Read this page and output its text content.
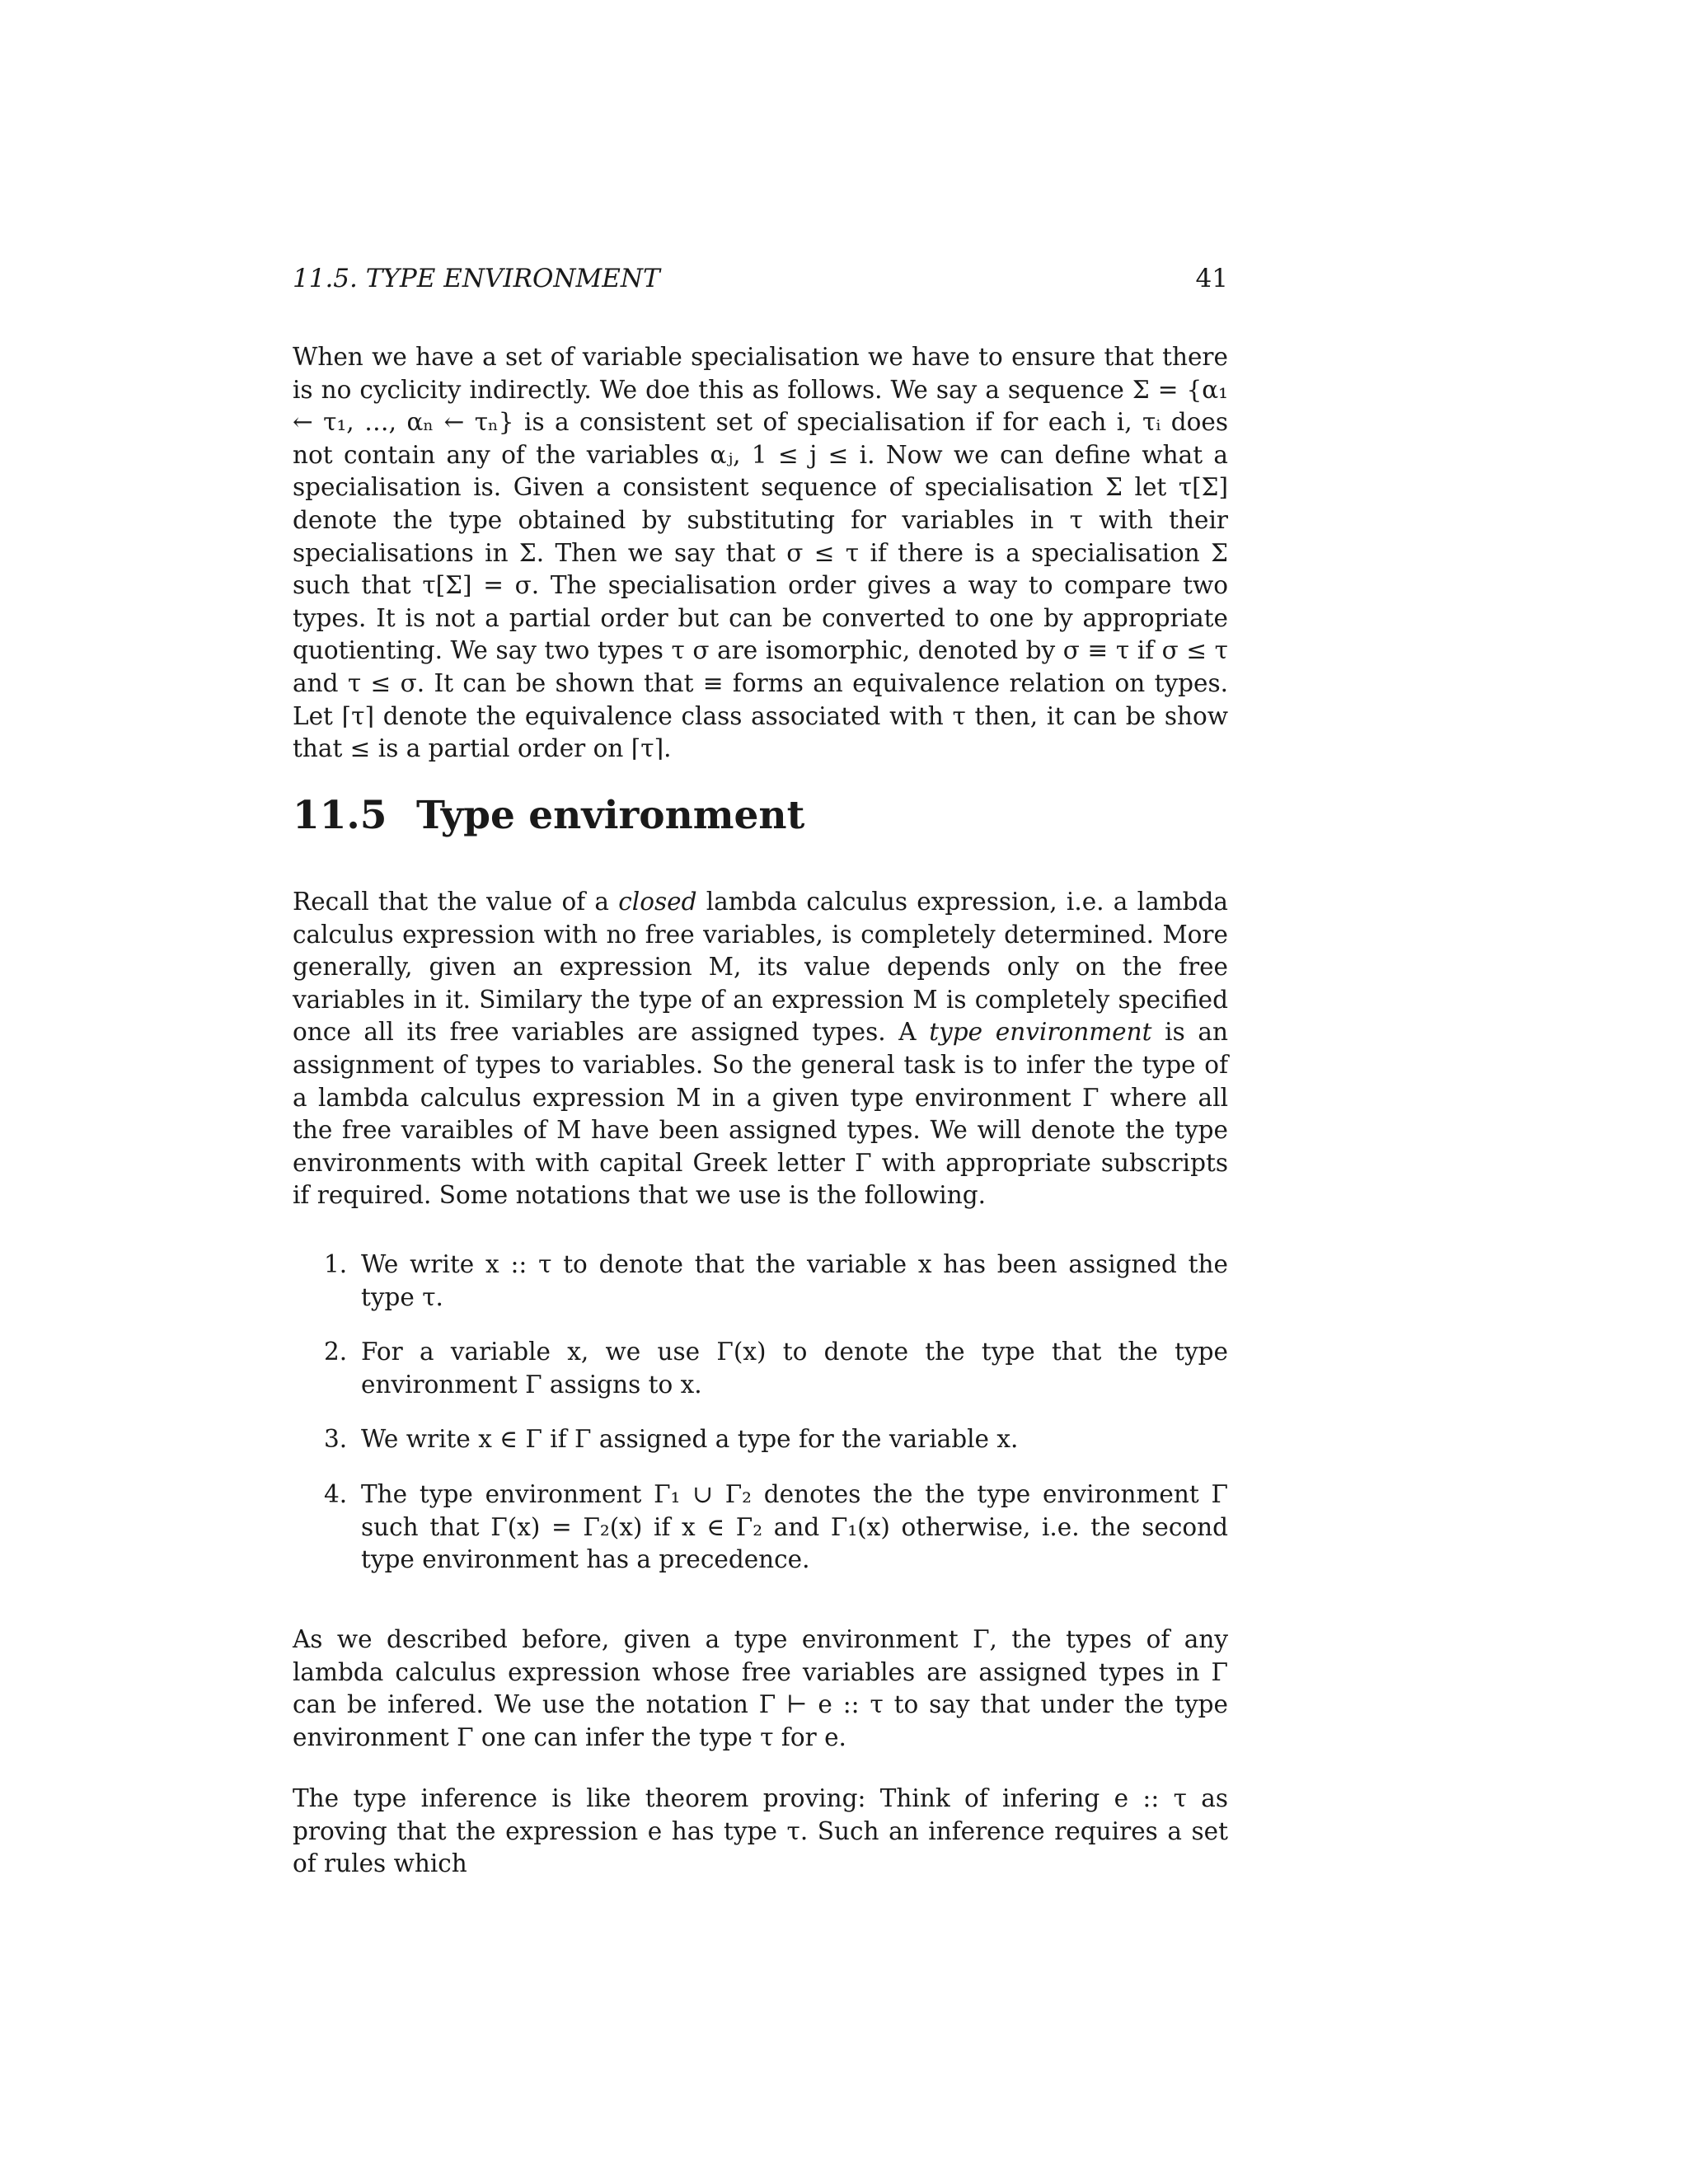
11.5. TYPE ENVIRONMENT	41

When we have a set of variable specialisation we have to ensure that there is no cyclicity indirectly. We doe this as follows. We say a sequence Σ = {α₁ ← τ₁, …, αₙ ← τₙ} is a consistent set of specialisation if for each i, τᵢ does not contain any of the variables αⱼ, 1 ≤ j ≤ i. Now we can define what a specialisation is. Given a consistent sequence of specialisation Σ let τ[Σ] denote the type obtained by substituting for variables in τ with their specialisations in Σ. Then we say that σ ≤ τ if there is a specialisation Σ such that τ[Σ] = σ. The specialisation order gives a way to compare two types. It is not a partial order but can be converted to one by appropriate quotienting. We say two types τ σ are isomorphic, denoted by σ ≡ τ if σ ≤ τ and τ ≤ σ. It can be shown that ≡ forms an equivalence relation on types. Let ⌈τ⌉ denote the equivalence class associated with τ then, it can be show that ≤ is a partial order on ⌈τ⌉.

11.5 Type environment

Recall that the value of a closed lambda calculus expression, i.e. a lambda calculus expression with no free variables, is completely determined. More generally, given an expression M, its value depends only on the free variables in it. Similary the type of an expression M is completely specified once all its free variables are assigned types. A type environment is an assignment of types to variables. So the general task is to infer the type of a lambda calculus expression M in a given type environment Γ where all the free varaibles of M have been assigned types. We will denote the type environments with with capital Greek letter Γ with appropriate subscripts if required. Some notations that we use is the following.

1. We write x :: τ to denote that the variable x has been assigned the type τ.
2. For a variable x, we use Γ(x) to denote the type that the type environment Γ assigns to x.
3. We write x ∈ Γ if Γ assigned a type for the variable x.
4. The type environment Γ₁ ∪ Γ₂ denotes the the type environment Γ such that Γ(x) = Γ₂(x) if x ∈ Γ₂ and Γ₁(x) otherwise, i.e. the second type environment has a precedence.

As we described before, given a type environment Γ, the types of any lambda calculus expression whose free variables are assigned types in Γ can be infered. We use the notation Γ ⊢ e :: τ to say that under the type environment Γ one can infer the type τ for e.

The type inference is like theorem proving: Think of infering e :: τ as proving that the expression e has type τ. Such an inference requires a set of rules which
